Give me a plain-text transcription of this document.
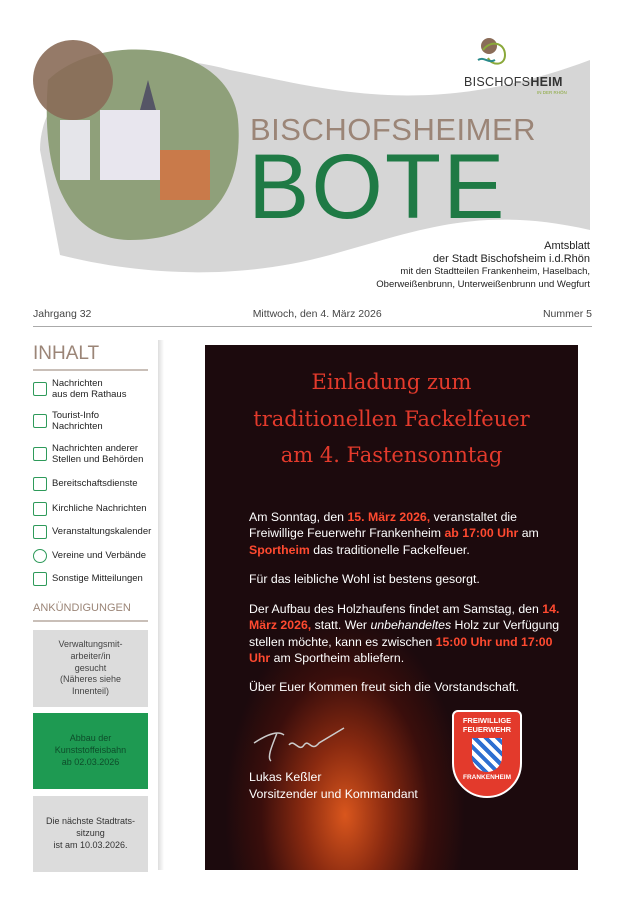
BISCHOFSHEIM
IN DER RHÖN
BISCHOFSHEIMER
BOTE
Amtsblatt
der Stadt Bischofsheim i.d.Rhön
mit den Stadtteilen Frankenheim, Haselbach,
Oberweißenbrunn, Unterweißenbrunn und Wegfurt
Jahrgang 32	Mittwoch, den 4. März 2026	Nummer 5
INHALT
Nachrichten
aus dem Rathaus
Tourist-Info
Nachrichten
Nachrichten anderer
Stellen und Behörden
Bereitschaftsdienste
Kirchliche Nachrichten
Veranstaltungskalender
Vereine und Verbände
Sonstige Mitteilungen
ANKÜNDIGUNGEN
Verwaltungsmit-
arbeiter/in
gesucht
(Näheres siehe
Innenteil)
Abbau der
Kunststoffeisbahn
ab 02.03.2026
Die nächste Stadtrats-
sitzung
ist am 10.03.2026.
Einladung zum
traditionellen Fackelfeuer
am 4. Fastensonntag
Am Sonntag, den 15. März 2026, veranstaltet die Freiwillige Feuerwehr Frankenheim ab 17:00 Uhr am Sportheim das traditionelle Fackelfeuer.
Für das leibliche Wohl ist bestens gesorgt.
Der Aufbau des Holzhaufens findet am Samstag, den 14. März 2026, statt. Wer unbehandeltes Holz zur Verfügung stellen möchte, kann es zwischen 15:00 Uhr und 17:00 Uhr am Sportheim abliefern.
Über Euer Kommen freut sich die Vorstandschaft.
Lukas Keßler
Vorsitzender und Kommandant
FREIWILLIGE
FEUERWEHR
FRANKENHEIM
